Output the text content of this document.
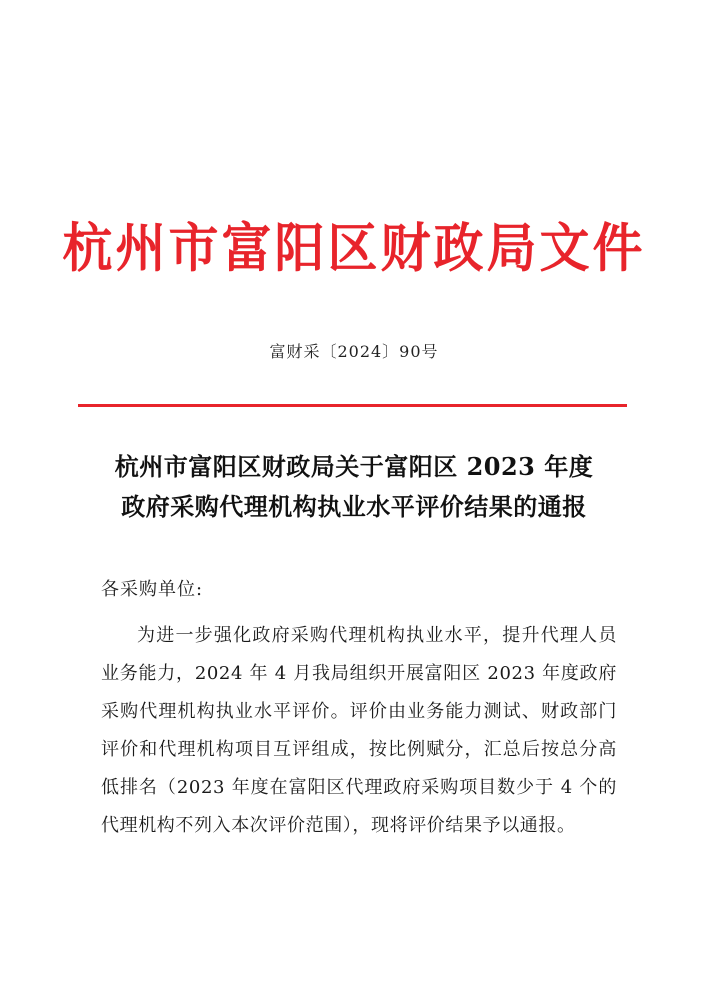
杭州市富阳区财政局文件
富财采〔2024〕90号
杭州市富阳区财政局关于富阳区 2023 年度
政府采购代理机构执业水平评价结果的通报
各采购单位:

为进一步强化政府采购代理机构执业水平，提升代理人员业务能力，2024 年 4 月我局组织开展富阳区 2023 年度政府采购代理机构执业水平评价。评价由业务能力测试、财政部门评价和代理机构项目互评组成，按比例赋分，汇总后按总分高低排名（2023 年度在富阳区代理政府采购项目数少于 4 个的代理机构不列入本次评价范围），现将评价结果予以通报。
